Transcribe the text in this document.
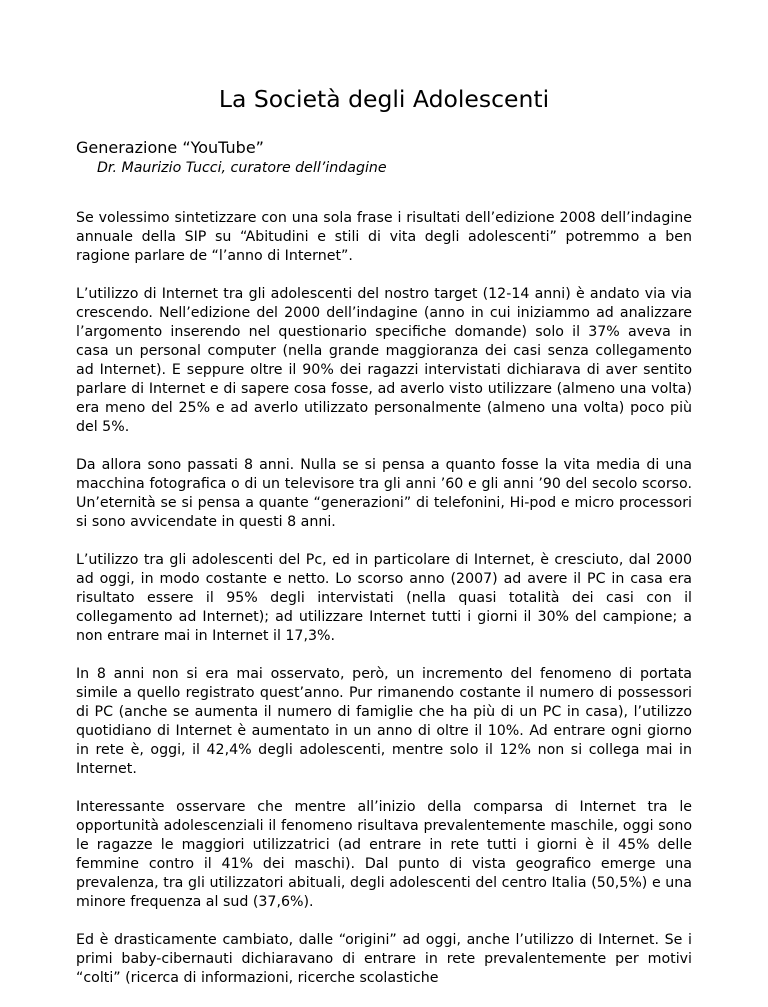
La Società degli Adolescenti
Generazione “YouTube”

Dr. Maurizio Tucci, curatore dell’indagine

Se volessimo sintetizzare con una sola frase i risultati dell’edizione 2008 dell’indagine annuale della SIP su “Abitudini e stili di vita degli adolescenti” potremmo a ben ragione parlare de “l’anno di Internet”.

L’utilizzo di Internet tra gli adolescenti del nostro target (12-14 anni) è andato via via crescendo. Nell’edizione del 2000 dell’indagine (anno in cui iniziammo ad analizzare l’argomento inserendo nel questionario specifiche domande) solo il 37% aveva in casa un personal computer (nella grande maggioranza dei casi senza collegamento ad Internet). E seppure oltre il 90% dei ragazzi intervistati dichiarava di aver sentito parlare di Internet e di sapere cosa fosse, ad averlo visto utilizzare (almeno una volta) era meno del 25% e ad averlo utilizzato personalmente (almeno una volta) poco più del 5%.

Da allora sono passati 8 anni. Nulla se si pensa a quanto fosse la vita media di una macchina fotografica o di un televisore tra gli anni ’60 e gli anni ’90 del secolo scorso. Un’eternità se si pensa a quante “generazioni” di telefonini, Hi-pod e micro processori si sono avvicendate in questi 8 anni.

L’utilizzo tra gli adolescenti del Pc, ed in particolare di Internet, è cresciuto, dal 2000 ad oggi, in modo costante e netto. Lo scorso anno (2007) ad avere il PC in casa era risultato essere il 95% degli intervistati (nella quasi totalità dei casi con il collegamento ad Internet); ad utilizzare Internet tutti i giorni il 30% del campione; a non entrare mai in Internet il 17,3%.

In 8 anni non si era mai osservato, però, un incremento del fenomeno di portata simile a quello registrato quest’anno. Pur rimanendo costante il numero di possessori di PC (anche se aumenta il numero di famiglie che ha più di un PC in casa), l’utilizzo quotidiano di Internet è aumentato in un anno di oltre il 10%. Ad entrare ogni giorno in rete è, oggi, il 42,4% degli adolescenti, mentre solo il 12% non si collega mai in Internet.

Interessante osservare che mentre all’inizio della comparsa di Internet tra le opportunità adolescenziali il fenomeno risultava prevalentemente maschile, oggi sono le ragazze le maggiori utilizzatrici (ad entrare in rete tutti i giorni è il 45% delle femmine contro il 41% dei maschi). Dal punto di vista geografico emerge una prevalenza, tra gli utilizzatori abituali, degli adolescenti del centro Italia (50,5%) e una minore frequenza al sud (37,6%).

Ed è drasticamente cambiato, dalle “origini” ad oggi, anche l’utilizzo di Internet. Se i primi baby-cibernauti dichiaravano di entrare in rete prevalentemente per motivi “colti” (ricerca di informazioni, ricerche scolastiche
